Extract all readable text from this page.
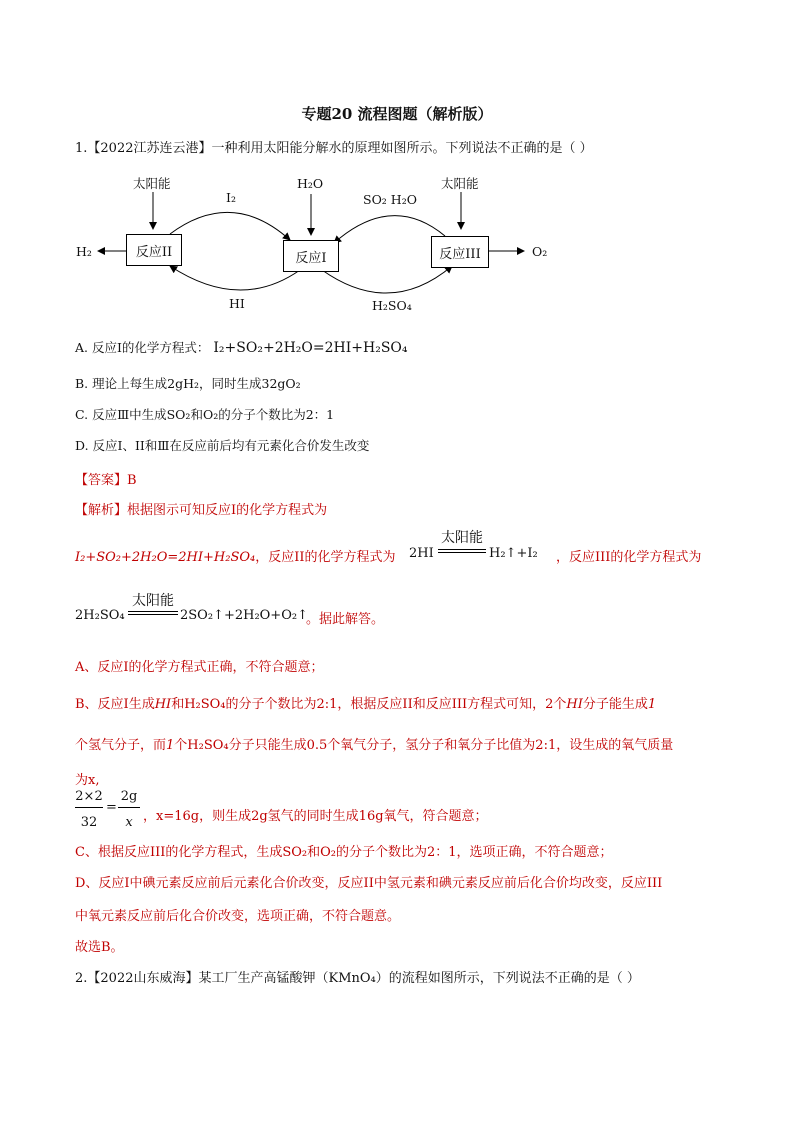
专题20 流程图题（解析版）
1.【2022江苏连云港】一种利用太阳能分解水的原理如图所示。下列说法不正确的是（ ）
太阳能	太阳能
H₂O
I₂	SO₂ H₂O
H₂	O₂
HI	H₂SO₄
反应II	反应I	反应III
A. 反应I的化学方程式： I₂+SO₂+2H₂O=2HI+H₂SO₄
B. 理论上每生成2gH₂，同时生成32gO₂
C. 反应Ⅲ中生成SO₂和O₂的分子个数比为2：1
D. 反应I、II和Ⅲ在反应前后均有元素化合价发生改变
【答案】B
【解析】根据图示可知反应I的化学方程式为
I₂+SO₂+2H₂O=2HI+H₂SO₄，反应II的化学方程式为 2HI
太阳能
H₂↑+I₂ ，反应III的化学方程式为
2H₂SO₄
太阳能
2SO₂↑+2H₂O+O₂↑
。据此解答。
A、反应I的化学方程式正确，不符合题意；
B、反应I生成HI和H₂SO₄的分子个数比为2:1，根据反应II和反应III方程式可知，2个HI分子能生成1
个氢气分子，而1个H₂SO₄分子只能生成0.5个氧气分子，氢分子和氧分子比值为2:1，设生成的氧气质量
为x,
2×2
32
=
2g
x ，x=16g，则生成2g氢气的同时生成16g氧气，符合题意；
C、根据反应III的化学方程式，生成SO₂和O₂的分子个数比为2：1，选项正确，不符合题意；
D、反应I中碘元素反应前后元素化合价改变，反应II中氢元素和碘元素反应前后化合价均改变，反应III
中氧元素反应前后化合价改变，选项正确，不符合题意。
故选B。
2.【2022山东威海】某工厂生产高锰酸钾（KMnO₄）的流程如图所示，下列说法不正确的是（ ）
